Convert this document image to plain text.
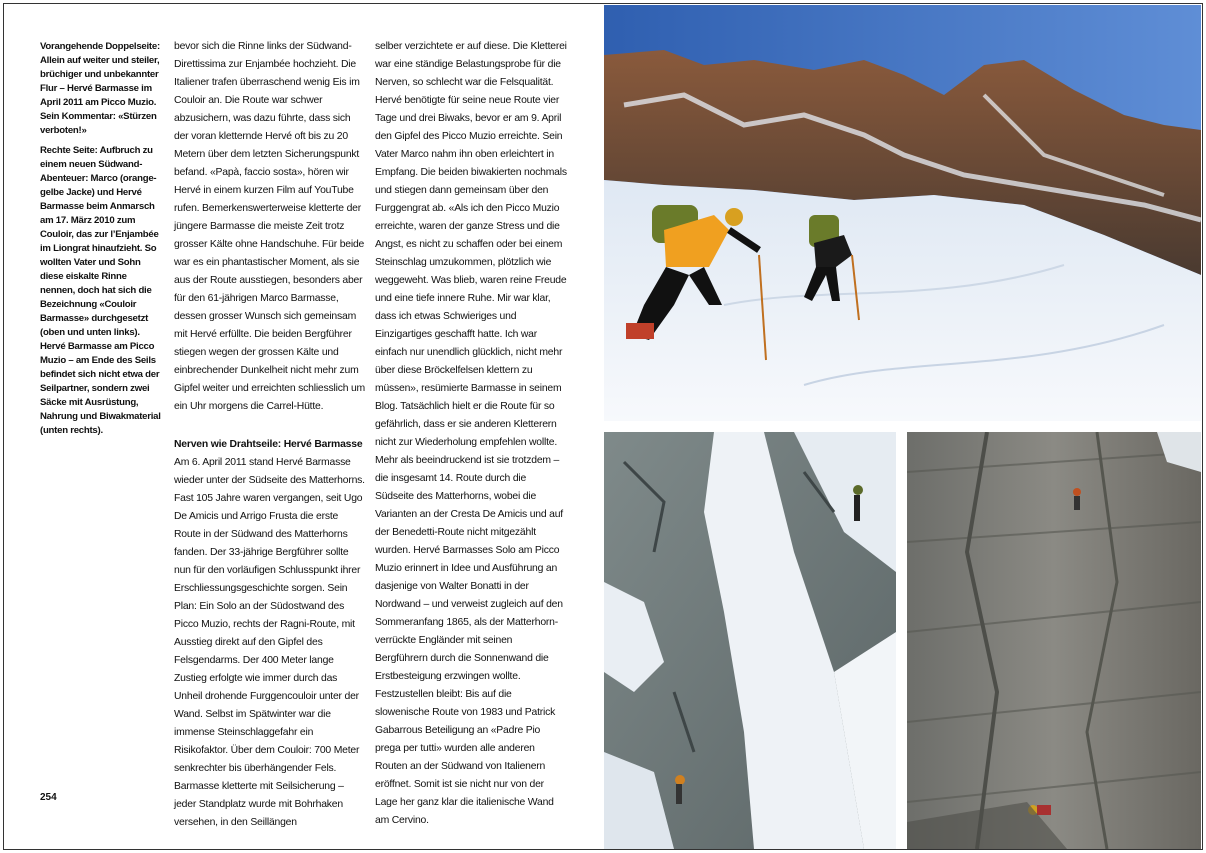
Vorangehende Doppelseite: Allein auf weiter und steiler, brüchiger und unbekannter Flur – Hervé Barmasse im April 2011 am Picco Muzio. Sein Kommentar: «Stürzen verboten!»

Rechte Seite: Aufbruch zu einem neuen Südwand-Abenteuer: Marco (orange-gelbe Jacke) und Hervé Barmasse beim Anmarsch am 17. März 2010 zum Couloir, das zur l’Enjambée im Liongrat hinaufzieht. So wollten Vater und Sohn diese eiskalte Rinne nennen, doch hat sich die Bezeichnung «Couloir Barmasse» durchgesetzt (oben und unten links). Hervé Barmasse am Picco Muzio – am Ende des Seils befindet sich nicht etwa der Seilpartner, sondern zwei Säcke mit Ausrüstung, Nahrung und Biwakmaterial (unten rechts).

bevor sich die Rinne links der Südwand-Direttissima zur Enjambée hochzieht. Die Italiener trafen überraschend wenig Eis im Couloir an. Die Route war schwer abzusichern, was dazu führte, dass sich der voran kletternde Hervé oft bis zu 20 Metern über dem letzten Sicherungspunkt befand. «Papà, faccio sosta», hören wir Hervé in einem kurzen Film auf YouTube rufen. Bemerkenswerterweise kletterte der jüngere Barmasse die meiste Zeit trotz grosser Kälte ohne Handschuhe. Für beide war es ein phantastischer Moment, als sie aus der Route ausstiegen, besonders aber für den 61-jährigen Marco Barmasse, dessen grosser Wunsch sich gemeinsam mit Hervé erfüllte. Die beiden Bergführer stiegen wegen der grossen Kälte und einbrechender Dunkelheit nicht mehr zum Gipfel weiter und erreichten schliesslich um ein Uhr morgens die Carrel-Hütte.

Nerven wie Drahtseile: Hervé Barmasse

Am 6. April 2011 stand Hervé Barmasse wieder unter der Südseite des Matterhorns. Fast 105 Jahre waren vergangen, seit Ugo De Amicis und Arrigo Frusta die erste Route in der Südwand des Matterhorns fanden. Der 33-jährige Bergführer sollte nun für den vorläufigen Schlusspunkt ihrer Erschliessungsgeschichte sorgen. Sein Plan: Ein Solo an der Südostwand des Picco Muzio, rechts der Ragni-Route, mit Ausstieg direkt auf den Gipfel des Felsgendarms. Der 400 Meter lange Zustieg erfolgte wie immer durch das Unheil drohende Furggencouloir unter der Wand. Selbst im Spätwinter war die immense Steinschlaggefahr ein Risikofaktor. Über dem Couloir: 700 Meter senkrechter bis überhängender Fels. Barmasse kletterte mit Seilsicherung – jeder Standplatz wurde mit Bohrhaken versehen, in den Seillängen

selber verzichtete er auf diese. Die Kletterei war eine ständige Belastungsprobe für die Nerven, so schlecht war die Felsqualität. Hervé benötigte für seine neue Route vier Tage und drei Biwaks, bevor er am 9. April den Gipfel des Picco Muzio erreichte. Sein Vater Marco nahm ihn oben erleichtert in Empfang. Die beiden biwakierten nochmals und stiegen dann gemeinsam über den Furggengrat ab. «Als ich den Picco Muzio erreichte, waren der ganze Stress und die Angst, es nicht zu schaffen oder bei einem Steinschlag umzukommen, plötzlich wie weggeweht. Was blieb, waren reine Freude und eine tiefe innere Ruhe. Mir war klar, dass ich etwas Schwieriges und Einzigartiges geschafft hatte. Ich war einfach nur unendlich glücklich, nicht mehr über diese Bröckelfelsen klettern zu müssen», resümierte Barmasse in seinem Blog. Tatsächlich hielt er die Route für so gefährlich, dass er sie anderen Kletterern nicht zur Wiederholung empfehlen wollte. Mehr als beeindruckend ist sie trotzdem – die insgesamt 14. Route durch die Südseite des Matterhorns, wobei die Varianten an der Cresta De Amicis und auf der Benedetti-Route nicht mitgezählt wurden. Hervé Barmasses Solo am Picco Muzio erinnert in Idee und Ausführung an dasjenige von Walter Bonatti in der Nordwand – und verweist zugleich auf den Sommeranfang 1865, als der Matterhorn-verrückte Engländer mit seinen Bergführern durch die Sonnenwand die Erstbesteigung erzwingen wollte.

Festzustellen bleibt: Bis auf die slowenische Route von 1983 und Patrick Gabarrous Beteiligung an «Padre Pio prega per tutti» wurden alle anderen Routen an der Südwand von Italienern eröffnet. Somit ist sie nicht nur von der Lage her ganz klar die italienische Wand am Cervino.

254
